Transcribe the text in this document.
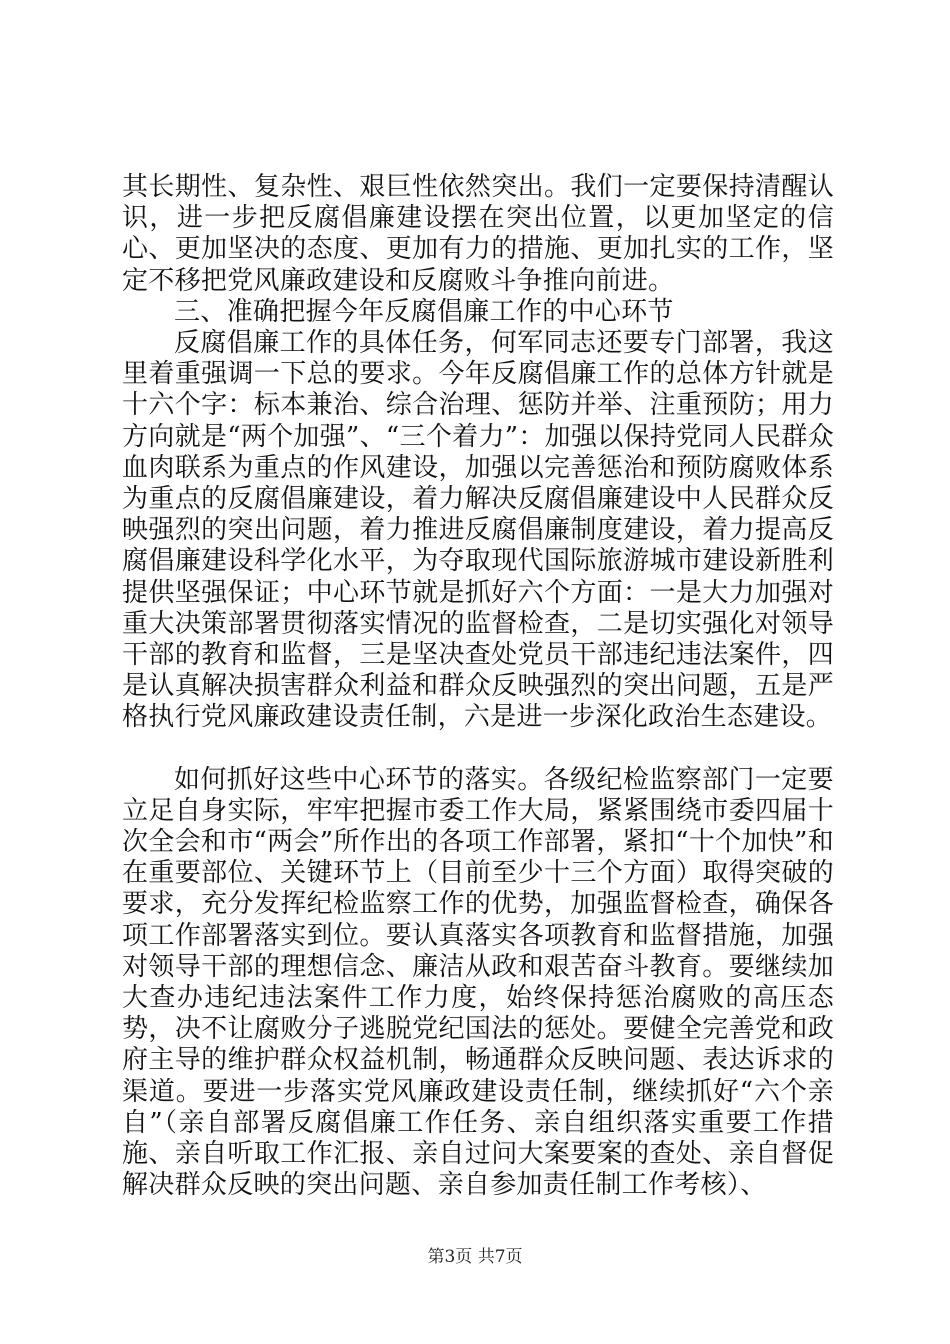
其长期性、复杂性、艰巨性依然突出。我们一定要保持清醒认识，进一步把反腐倡廉建设摆在突出位置，以更加坚定的信心、更加坚决的态度、更加有力的措施、更加扎实的工作，坚定不移把党风廉政建设和反腐败斗争推向前进。

三、准确把握今年反腐倡廉工作的中心环节

反腐倡廉工作的具体任务，何军同志还要专门部署，我这里着重强调一下总的要求。今年反腐倡廉工作的总体方针就是十六个字：标本兼治、综合治理、惩防并举、注重预防；用力方向就是“两个加强”、“三个着力”：加强以保持党同人民群众血肉联系为重点的作风建设，加强以完善惩治和预防腐败体系为重点的反腐倡廉建设，着力解决反腐倡廉建设中人民群众反映强烈的突出问题，着力推进反腐倡廉制度建设，着力提高反腐倡廉建设科学化水平，为夺取现代国际旅游城市建设新胜利提供坚强保证；中心环节就是抓好六个方面：一是大力加强对重大决策部署贯彻落实情况的监督检查，二是切实强化对领导干部的教育和监督，三是坚决查处党员干部违纪违法案件，四是认真解决损害群众利益和群众反映强烈的突出问题，五是严格执行党风廉政建设责任制，六是进一步深化政治生态建设。

如何抓好这些中心环节的落实。各级纪检监察部门一定要立足自身实际，牢牢把握市委工作大局，紧紧围绕市委四届十次全会和市“两会”所作出的各项工作部署，紧扣“十个加快”和在重要部位、关键环节上（目前至少十三个方面）取得突破的要求，充分发挥纪检监察工作的优势，加强监督检查，确保各项工作部署落实到位。要认真落实各项教育和监督措施，加强对领导干部的理想信念、廉洁从政和艰苦奋斗教育。要继续加大查办违纪违法案件工作力度，始终保持惩治腐败的高压态势，决不让腐败分子逃脱党纪国法的惩处。要健全完善党和政府主导的维护群众权益机制，畅通群众反映问题、表达诉求的渠道。要进一步落实党风廉政建设责任制，继续抓好“六个亲自”（亲自部署反腐倡廉工作任务、亲自组织落实重要工作措施、亲自听取工作汇报、亲自过问大案要案的查处、亲自督促解决群众反映的突出问题、亲自参加责任制工作考核）、

第3页 共7页
